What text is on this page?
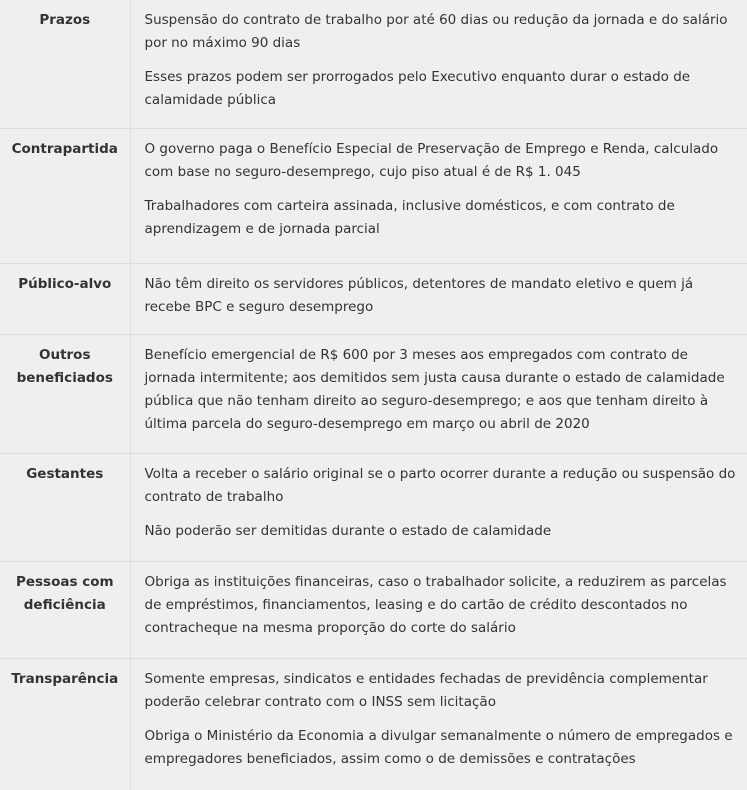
Prazos	Suspensão do contrato de trabalho por até 60 dias ou redução da jornada e do salário por no máximo 90 dias

Esses prazos podem ser prorrogados pelo Executivo enquanto durar o estado de calamidade pública

Contrapartida	O governo paga o Benefício Especial de Preservação de Emprego e Renda, calculado com base no seguro-desemprego, cujo piso atual é de R$ 1. 045

Trabalhadores com carteira assinada, inclusive domésticos, e com contrato de aprendizagem e de jornada parcial

Público-alvo	Não têm direito os servidores públicos, detentores de mandato eletivo e quem já recebe BPC e seguro desemprego

Outros beneficiados	Benefício emergencial de R$ 600 por 3 meses aos empregados com contrato de jornada intermitente; aos demitidos sem justa causa durante o estado de calamidade pública que não tenham direito ao seguro-desemprego; e aos que tenham direito à última parcela do seguro-desemprego em março ou abril de 2020

Gestantes	Volta a receber o salário original se o parto ocorrer durante a redução ou suspensão do contrato de trabalho

Não poderão ser demitidas durante o estado de calamidade

Pessoas com deficiência	Obriga as instituições financeiras, caso o trabalhador solicite, a reduzirem as parcelas de empréstimos, financiamentos, leasing e do cartão de crédito descontados no contracheque na mesma proporção do corte do salário

Transparência	Somente empresas, sindicatos e entidades fechadas de previdência complementar poderão celebrar contrato com o INSS sem licitação

Obriga o Ministério da Economia a divulgar semanalmente o número de empregados e empregadores beneficiados, assim como o de demissões e contratações
